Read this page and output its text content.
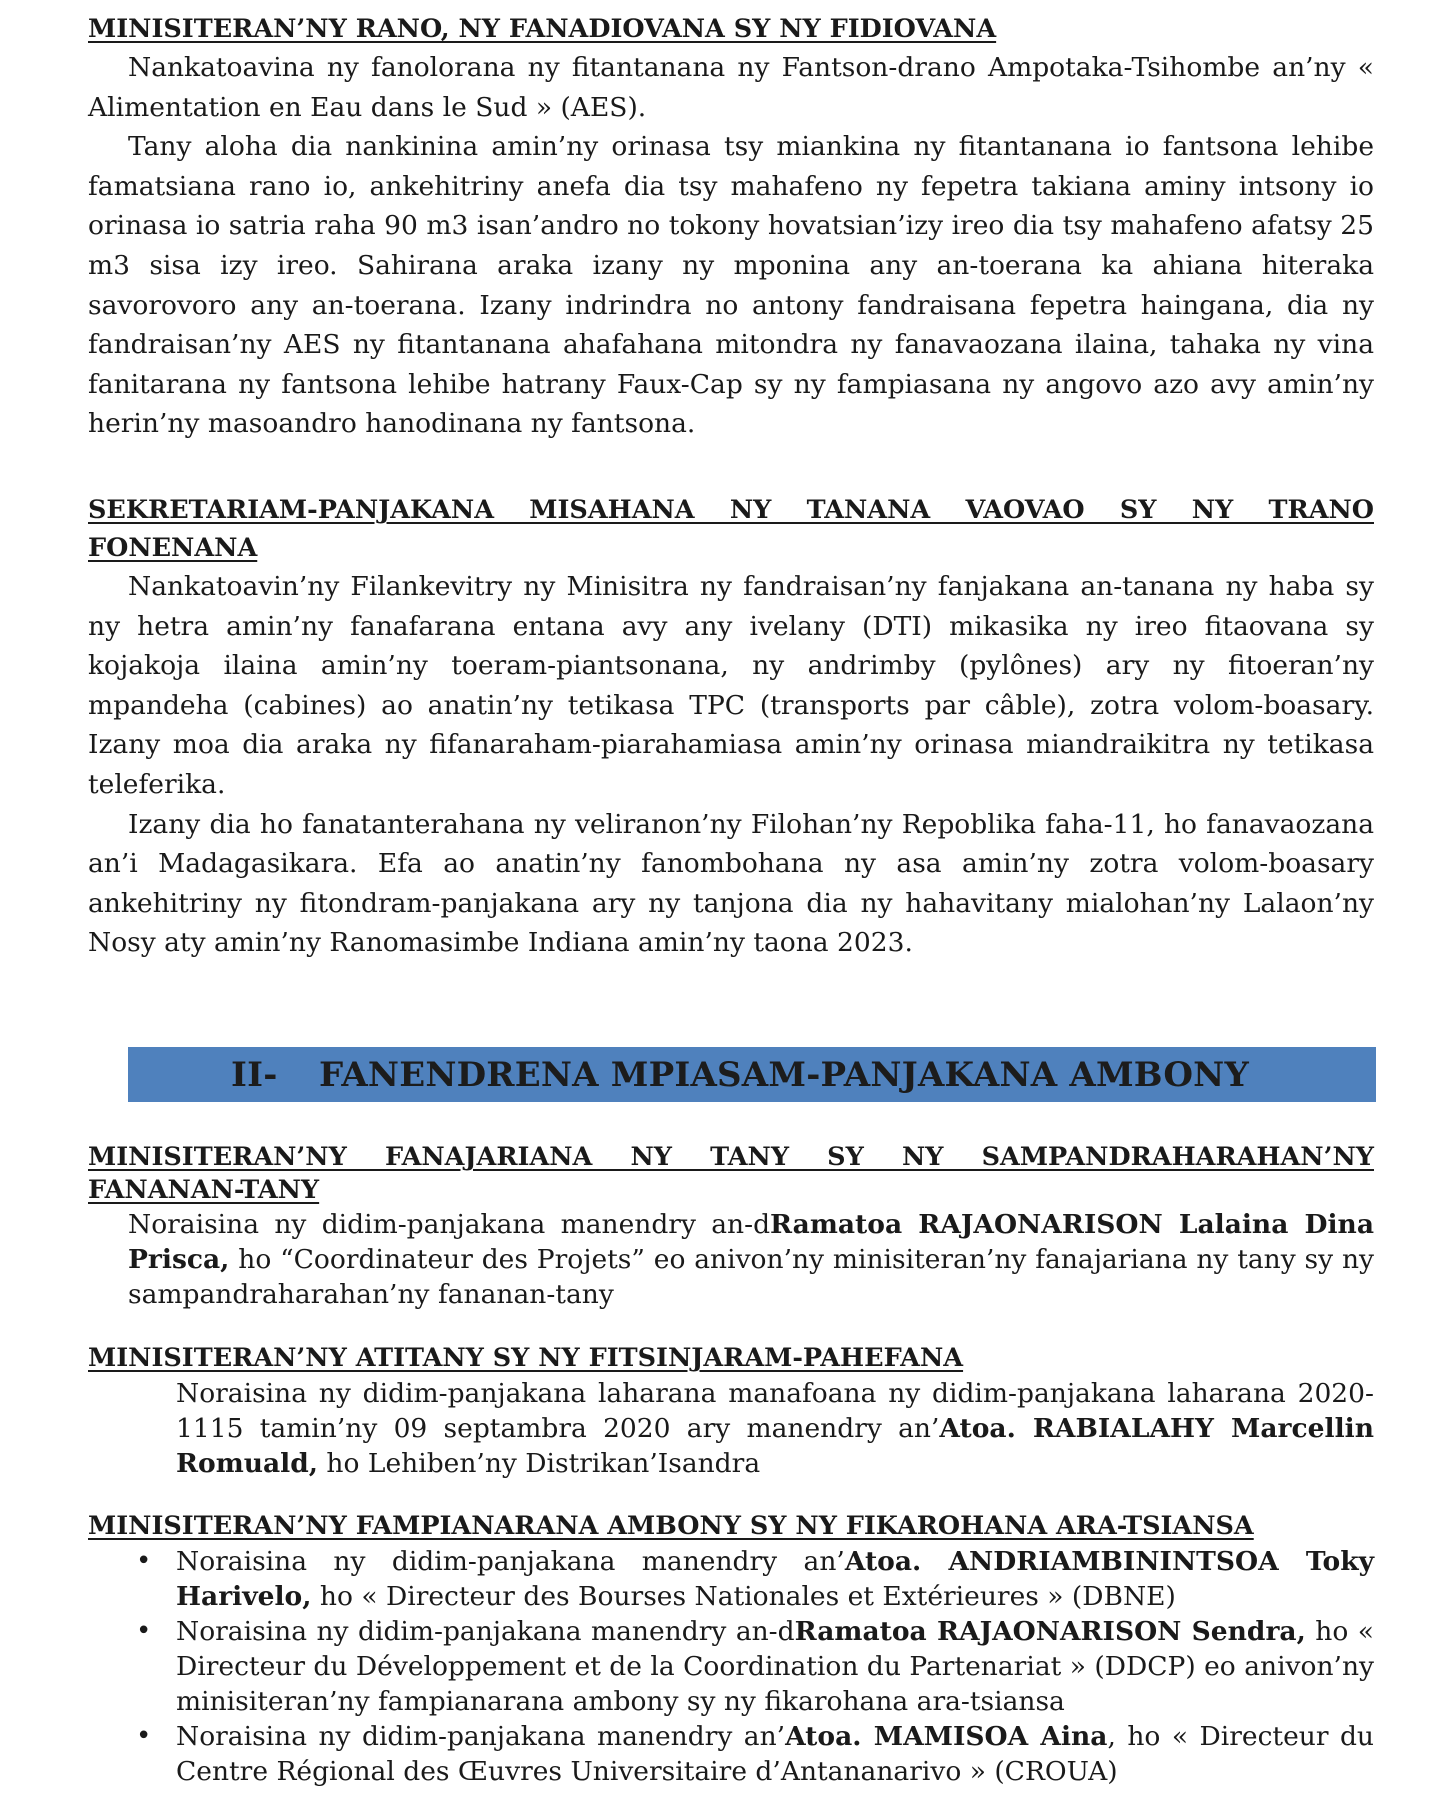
MINISITERAN’NY RANO, NY FANADIOVANA SY NY FIDIOVANA

Nankatoavina ny fanolorana ny fitantanana ny Fantson-drano Ampotaka-Tsihombe an’ny « Alimentation en Eau dans le Sud » (AES).

Tany aloha dia nankinina amin’ny orinasa tsy miankina ny fitantanana io fantsona lehibe famatsiana rano io, ankehitriny anefa dia tsy mahafeno ny fepetra takiana aminy intsony io orinasa io satria raha 90 m3 isan’andro no tokony hovatsian’izy ireo dia tsy mahafeno afatsy 25 m3 sisa izy ireo. Sahirana araka izany ny mponina any an-toerana ka ahiana hiteraka savorovoro any an-toerana. Izany indrindra no antony fandraisana fepetra haingana, dia ny fandraisan’ny AES ny fitantanana ahafahana mitondra ny fanavaozana ilaina, tahaka ny vina fanitarana ny fantsona lehibe hatrany Faux-Cap sy ny fampiasana ny angovo azo avy amin’ny herin’ny masoandro hanodinana ny fantsona.

SEKRETARIAM-PANJAKANA MISAHANA NY TANANA VAOVAO SY NY TRANO
FONENANA

Nankatoavin’ny Filankevitry ny Minisitra ny fandraisan’ny fanjakana an-tanana ny haba sy ny hetra amin’ny fanafarana entana avy any ivelany (DTI) mikasika ny ireo fitaovana sy kojakoja ilaina amin’ny toeram-piantsonana, ny andrimby (pylônes) ary ny fitoeran’ny mpandeha (cabines) ao anatin’ny tetikasa TPC (transports par câble), zotra volom-boasary. Izany moa dia araka ny fifanaraham-piarahamiasa amin’ny orinasa miandraikitra ny tetikasa teleferika.

Izany dia ho fanatanterahana ny veliranon’ny Filohan’ny Repoblika faha-11, ho fanavaozana an’i Madagasikara. Efa ao anatin’ny fanombohana ny asa amin’ny zotra volom-boasary ankehitriny ny fitondram-panjakana ary ny tanjona dia ny hahavitany mialohan’ny Lalaon’ny Nosy aty amin’ny Ranomasimbe Indiana amin’ny taona 2023.

II-	FANENDRENA MPIASAM-PANJAKANA AMBONY
MINISITERAN’NY FANAJARIANA NY TANY SY NY SAMPANDRAHARAHAN’NY
FANANAN-TANY

Noraisina ny didim-panjakana manendry an-dRamatoa RAJAONARISON Lalaina Dina Prisca, ho “Coordinateur des Projets” eo anivon’ny minisiteran’ny fanajariana ny tany sy ny sampandraharahan’ny fananan-tany

MINISITERAN’NY ATITANY SY NY FITSINJARAM-PAHEFANA

Noraisina ny didim-panjakana laharana manafoana ny didim-panjakana laharana 2020-1115 tamin’ny 09 septambra 2020 ary manendry an’Atoa. RABIALAHY Marcellin Romuald, ho Lehiben’ny Distrikan’Isandra

MINISITERAN’NY FAMPIANARANA AMBONY SY NY FIKAROHANA ARA-TSIANSA
• Noraisina ny didim-panjakana manendry an’Atoa. ANDRIAMBININTSOA Toky Harivelo, ho « Directeur des Bourses Nationales et Extérieures » (DBNE)
• Noraisina ny didim-panjakana manendry an-dRamatoa RAJAONARISON Sendra, ho « Directeur du Développement et de la Coordination du Partenariat » (DDCP) eo anivon’ny minisiteran’ny fampianarana ambony sy ny fikarohana ara-tsiansa
• Noraisina ny didim-panjakana manendry an’Atoa. MAMISOA Aina, ho « Directeur du Centre Régional des Œuvres Universitaire d’Antananarivo » (CROUA)
